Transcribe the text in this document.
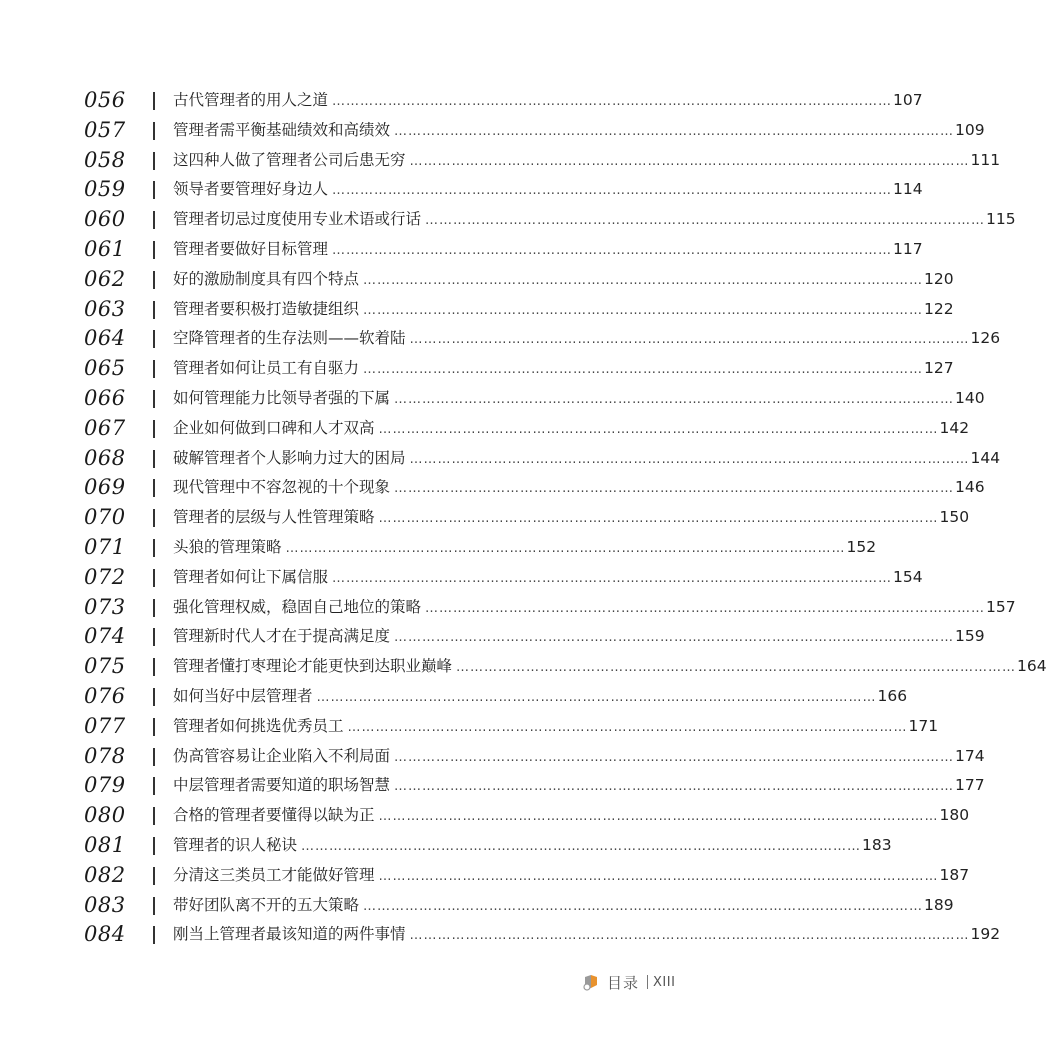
056	古代管理者的用人之道 ………………………………………………………………………………………………………… 107
057	管理者需平衡基础绩效和高绩效 ………………………………………………………………………………………………………… 109
058	这四种人做了管理者公司后患无穷 ………………………………………………………………………………………………………… 111
059	领导者要管理好身边人 ………………………………………………………………………………………………………… 114
060	管理者切忌过度使用专业术语或行话 ………………………………………………………………………………………………………… 115
061	管理者要做好目标管理 ………………………………………………………………………………………………………… 117
062	好的激励制度具有四个特点 ………………………………………………………………………………………………………… 120
063	管理者要积极打造敏捷组织 ………………………………………………………………………………………………………… 122
064	空降管理者的生存法则——软着陆 ………………………………………………………………………………………………………… 126
065	管理者如何让员工有自驱力 ………………………………………………………………………………………………………… 127
066	如何管理能力比领导者强的下属 ………………………………………………………………………………………………………… 140
067	企业如何做到口碑和人才双高 ………………………………………………………………………………………………………… 142
068	破解管理者个人影响力过大的困局 ………………………………………………………………………………………………………… 144
069	现代管理中不容忽视的十个现象 ………………………………………………………………………………………………………… 146
070	管理者的层级与人性管理策略 ………………………………………………………………………………………………………… 150
071	头狼的管理策略 ………………………………………………………………………………………………………… 152
072	管理者如何让下属信服 ………………………………………………………………………………………………………… 154
073	强化管理权威，稳固自己地位的策略 ………………………………………………………………………………………………………… 157
074	管理新时代人才在于提高满足度 ………………………………………………………………………………………………………… 159
075	管理者懂打枣理论才能更快到达职业巅峰 ………………………………………………………………………………………………………… 164
076	如何当好中层管理者 ………………………………………………………………………………………………………… 166
077	管理者如何挑选优秀员工 ………………………………………………………………………………………………………… 171
078	伪高管容易让企业陷入不利局面 ………………………………………………………………………………………………………… 174
079	中层管理者需要知道的职场智慧 ………………………………………………………………………………………………………… 177
080	合格的管理者要懂得以缺为正 ………………………………………………………………………………………………………… 180
081	管理者的识人秘诀 ………………………………………………………………………………………………………… 183
082	分清这三类员工才能做好管理 ………………………………………………………………………………………………………… 187
083	带好团队离不开的五大策略 ………………………………………………………………………………………………………… 189
084	刚当上管理者最该知道的两件事情 ………………………………………………………………………………………………………… 192
目录 XIII
